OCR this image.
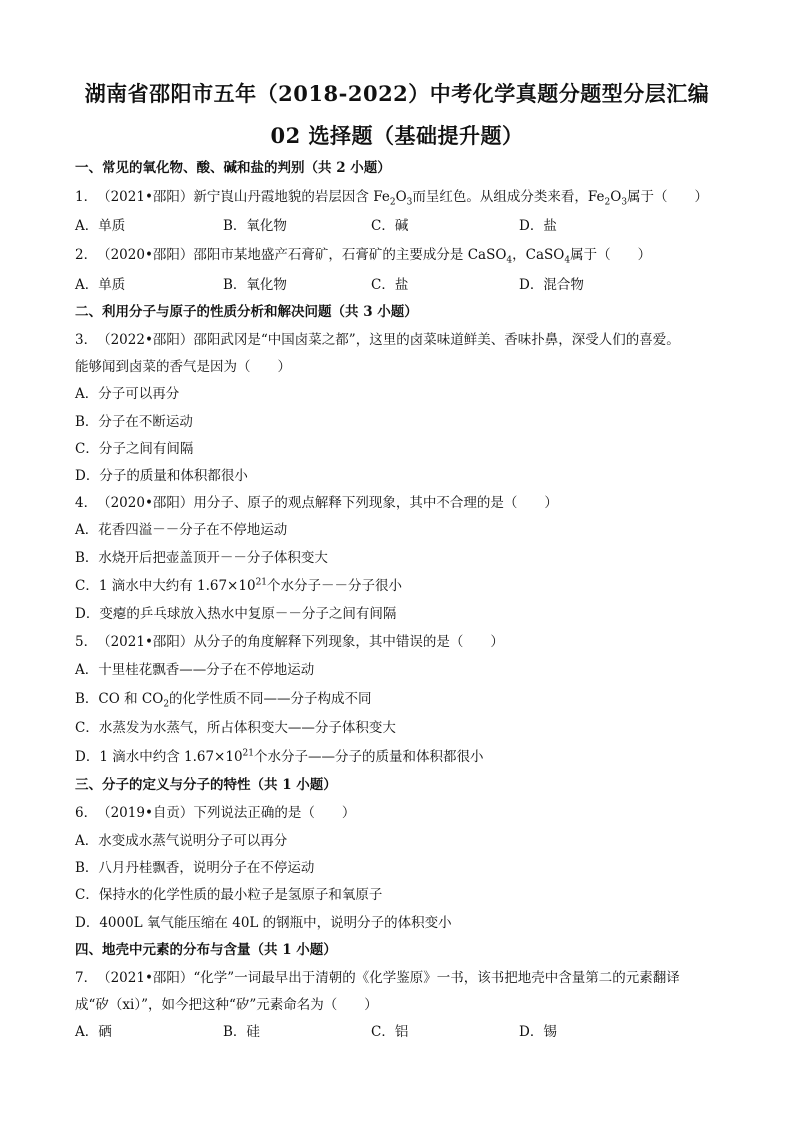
湖南省邵阳市五年（2018-2022）中考化学真题分题型分层汇编
02 选择题（基础提升题）
一、常见的氧化物、酸、碱和盐的判别（共 2 小题）
1．　（2021•邵阳）新宁崀山丹霞地貌的岩层因含 $Fe_2O_3$而呈红色。从组成分类来看，$Fe_2O_3$属于（　　）
A．单质	B．氧化物	C．碱	D．盐
2．　（2020•邵阳）邵阳市某地盛产石膏矿，石膏矿的主要成分是 CaSO$_4$，CaSO$_4$属于（　　）
A．单质	B．氧化物	C．盐	D．混合物
二、利用分子与原子的性质分析和解决问题（共 3 小题）
3．　（2022•邵阳）邵阳武冈是“中国卤菜之都”，这里的卤菜味道鲜美、香味扑鼻，深受人们的喜爱。
能够闻到卤菜的香气是因为（　　）
A．分子可以再分
B．分子在不断运动
C．分子之间有间隔
D．分子的质量和体积都很小
4．　（2020•邵阳）用分子、原子的观点解释下列现象，其中不合理的是（　　）
A．花香四溢－－分子在不停地运动
B．水烧开后把壶盖顶开－－分子体积变大
C．1 滴水中大约有 $1.67\times 10^{21}$个水分子－－分子很小
D．变瘪的乒乓球放入热水中复原－－分子之间有间隔
5．　（2021•邵阳）从分子的角度解释下列现象，其中错误的是（　　）
A．十里桂花飘香——分子在不停地运动
B．CO 和 $CO_2$的化学性质不同——分子构成不同
C．水蒸发为水蒸气，所占体积变大——分子体积变大
D．1 滴水中约含 $1.67\times 10^{21}$个水分子——分子的质量和体积都很小
三、分子的定义与分子的特性（共 1 小题）
6．　（2019•自贡）下列说法正确的是（　　）
A．水变成水蒸气说明分子可以再分
B．八月丹桂飘香，说明分子在不停运动
C．保持水的化学性质的最小粒子是氢原子和氧原子
D．4000L 氧气能压缩在 40L 的钢瓶中，说明分子的体积变小
四、地壳中元素的分布与含量（共 1 小题）
7．　（2021•邵阳）“化学”一词最早出于清朝的《化学鉴原》一书，该书把地壳中含量第二的元素翻译
成“矽（xi）”，如今把这种“矽”元素命名为（　　）
A．硒	B．硅	C．铝	D．锡
